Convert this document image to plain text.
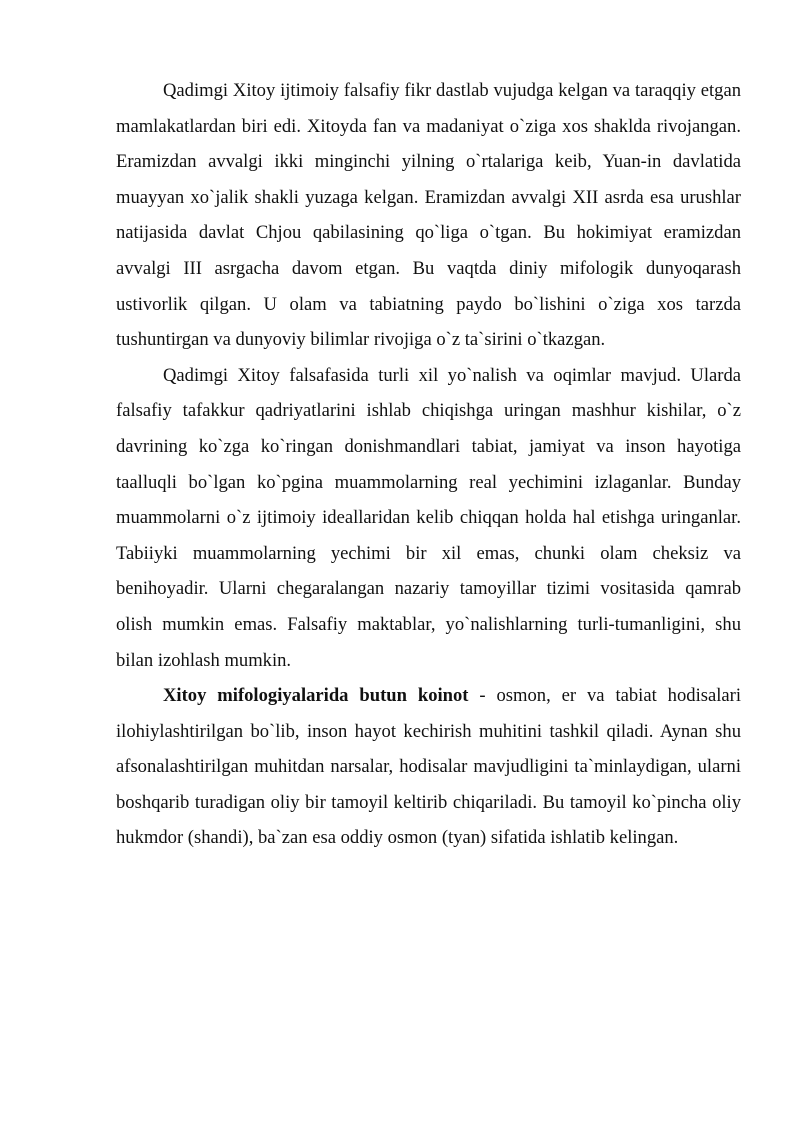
Qadimgi Xitoy ijtimoiy falsafiy fikr dastlab vujudga kelgan va taraqqiy etgan mamlakatlardan biri edi. Xitoyda fan va madaniyat o`ziga xos shaklda rivojangan. Eramizdan avvalgi ikki minginchi yilning o`rtalariga keib, Yuan-in davlatida muayyan xo`jalik shakli yuzaga kelgan. Eramizdan avvalgi XII asrda esa urushlar natijasida davlat Chjou qabilasining qo`liga o`tgan. Bu hokimiyat eramizdan avvalgi III asrgacha davom etgan. Bu vaqtda diniy mifologik dunyoqarash ustivorlik qilgan. U olam va tabiatning paydo bo`lishini o`ziga xos tarzda tushuntirgan va dunyoviy bilimlar rivojiga o`z ta`sirini o`tkazgan.

Qadimgi Xitoy falsafasida turli xil yo`nalish va oqimlar mavjud. Ularda falsafiy tafakkur qadriyatlarini ishlab chiqishga uringan mashhur kishilar, o`z davrining ko`zga ko`ringan donishmandlari tabiat, jamiyat va inson hayotiga taalluqli bo`lgan ko`pgina muammolarning real yechimini izlaganlar. Bunday muammolarni o`z ijtimoiy ideallaridan kelib chiqqan holda hal etishga uringanlar. Tabiiyki muammolarning yechimi bir xil emas, chunki olam cheksiz va benihoyadir. Ularni chegaralangan nazariy tamoyillar tizimi vositasida qamrab olish mumkin emas. Falsafiy maktablar, yo`nalishlarning turli-tumanligini, shu bilan izohlash mumkin.

Xitoy mifologiyalarida butun koinot - osmon, er va tabiat hodisalari ilohiylashtirilgan bo`lib, inson hayot kechirish muhitini tashkil qiladi. Aynan shu afsonalashtirilgan muhitdan narsalar, hodisalar mavjudligini ta`minlaydigan, ularni boshqarib turadigan oliy bir tamoyil keltirib chiqariladi. Bu tamoyil ko`pincha oliy hukmdor (shandi), ba`zan esa oddiy osmon (tyan) sifatida ishlatib kelingan.
